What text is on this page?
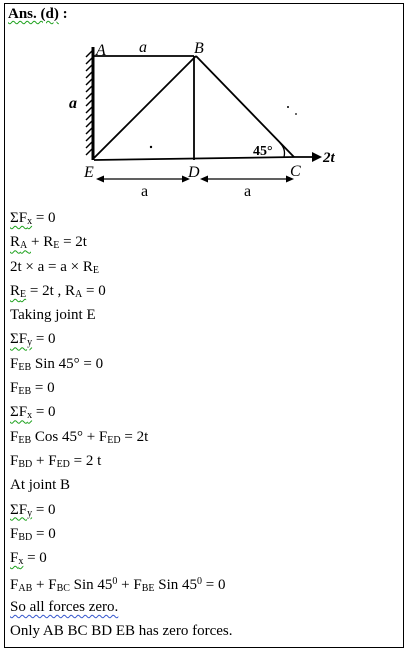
Ans. (d) :
A	B
a
a
E	D	C
45°	2t
a	a
$\Sigma F_x = 0$
$R_A + R_E = 2t$
$2t \times a = a \times R_E$
$R_E = 2t$ , $R_A = 0$
Taking joint E
$\Sigma F_y = 0$
$F_{EB}$ Sin 45° = 0
$F_{EB} = 0$
$\Sigma F_x = 0$
$F_{EB}$ Cos $45^\circ + F_{ED} = 2t$
$F_{BD} + F_{ED} = 2$ t
At joint B
$\Sigma F_y = 0$
$F_{BD} = 0$
$F_x = 0$
$F_{AB} + F_{BC}$ Sin $45^0 + F_{BE}$ Sin $45^0 = 0$
So all forces zero.
Only AB BC BD EB has zero forces.
